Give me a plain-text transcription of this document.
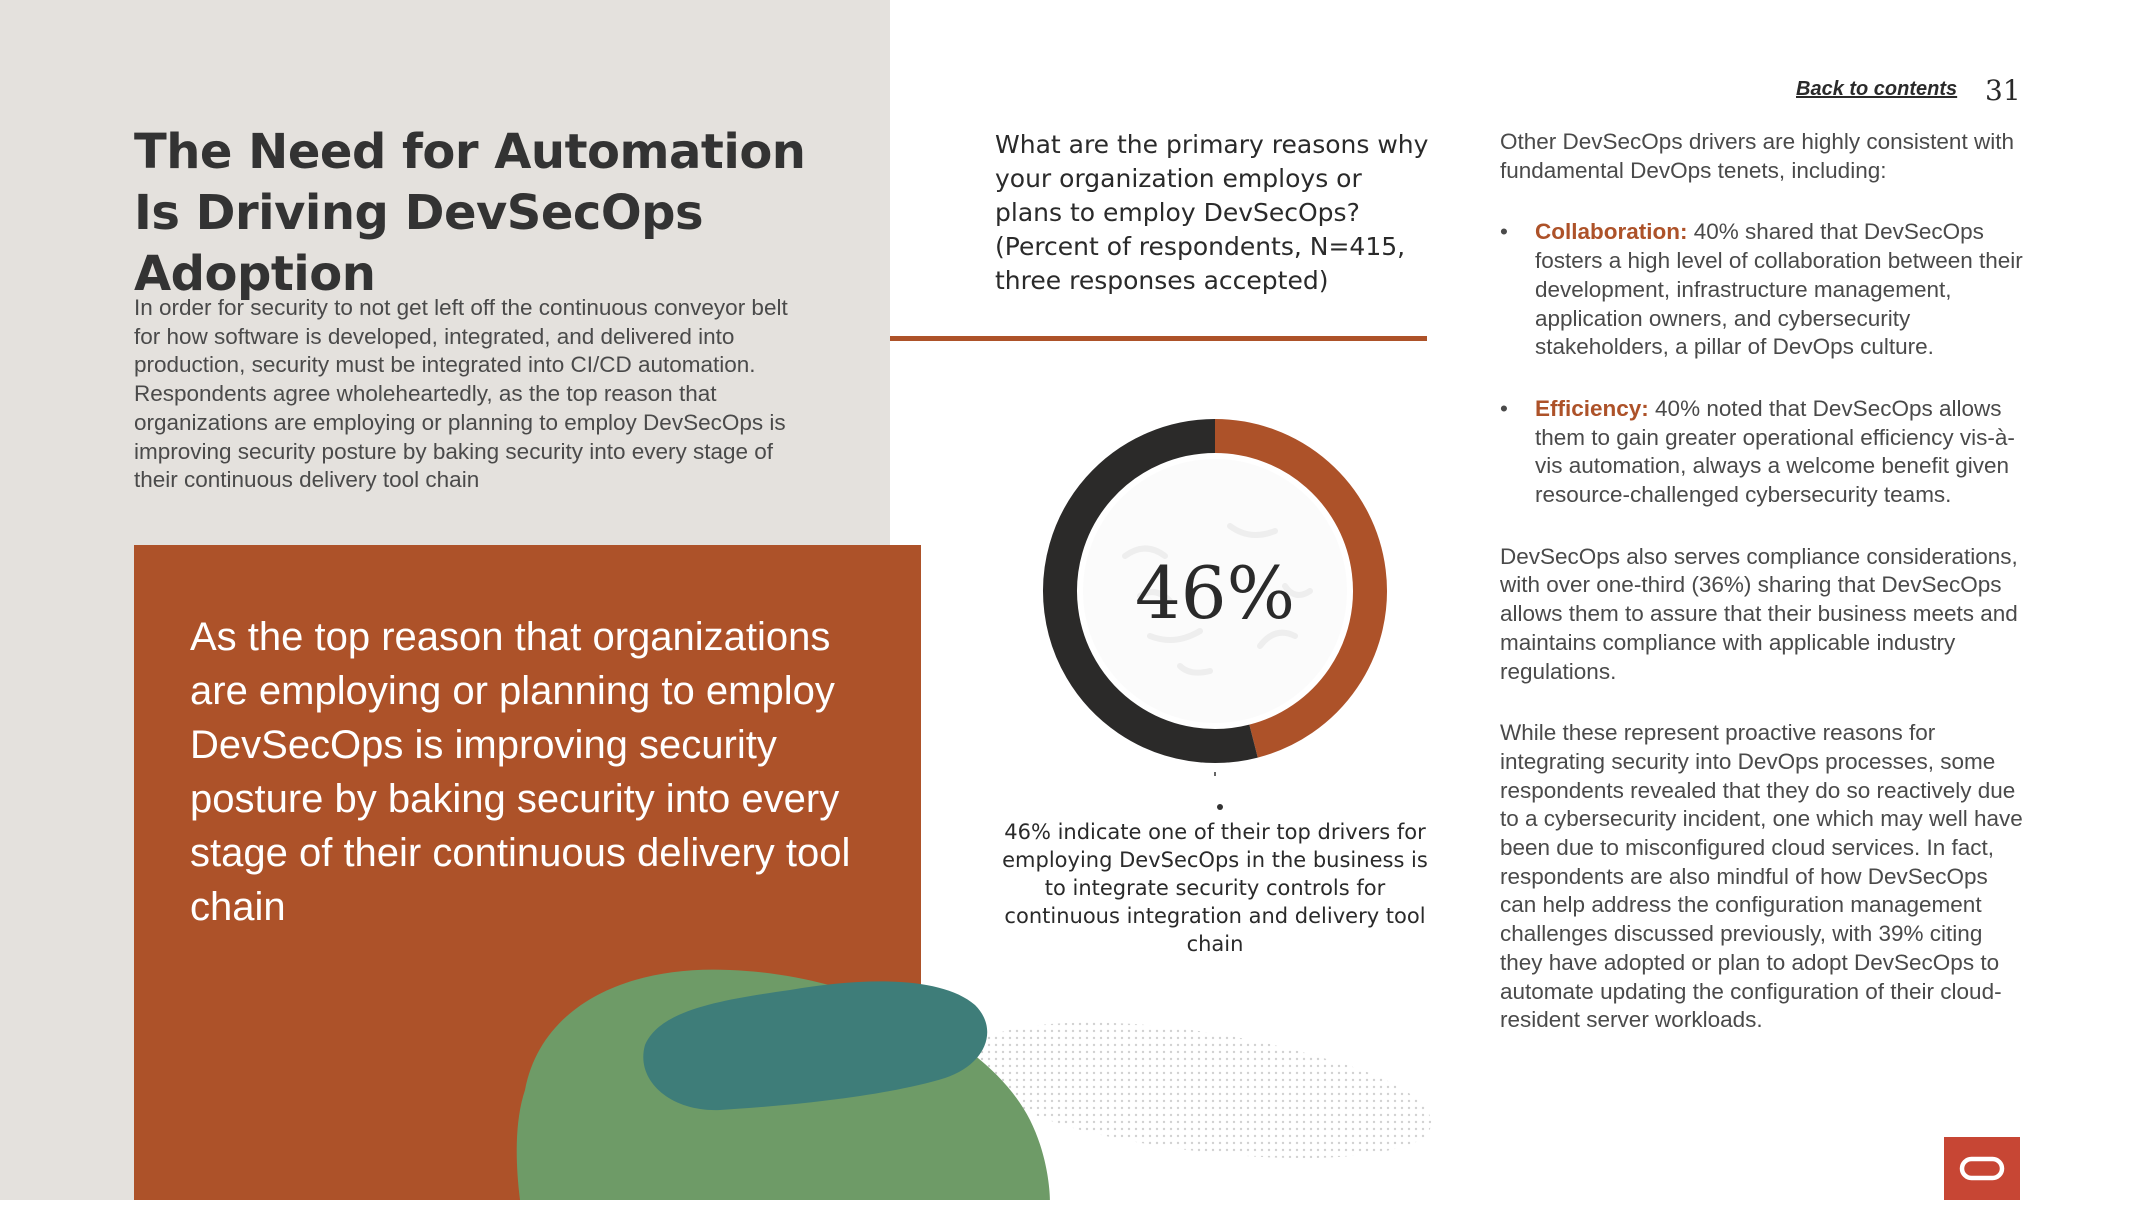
The Need for Automation Is Driving DevSecOps Adoption

In order for security to not get left off the continuous conveyor belt for how software is developed, integrated, and delivered into production, security must be integrated into CI/CD automation. Respondents agree wholeheartedly, as the top reason that organizations are employing or planning to employ DevSecOps is improving security posture by baking security into every stage of their continuous delivery tool chain

As the top reason that organizations are employing or planning to employ DevSecOps is improving security posture by baking security into every stage of their continuous delivery tool chain

Back to contents 31

What are the primary reasons why your organization employs or plans to employ DevSecOps? (Percent of respondents, N=415, three responses accepted)

46%

46% indicate one of their top drivers for employing DevSecOps in the business is to integrate security controls for continuous integration and delivery tool chain

Other DevSecOps drivers are highly consistent with fundamental DevOps tenets, including:

• Collaboration: 40% shared that DevSecOps fosters a high level of collaboration between their development, infrastructure management, application owners, and cybersecurity stakeholders, a pillar of DevOps culture.
• Efficiency: 40% noted that DevSecOps allows them to gain greater operational efficiency vis-à-vis automation, always a welcome benefit given resource-challenged cybersecurity teams.

DevSecOps also serves compliance considerations, with over one-third (36%) sharing that DevSecOps allows them to assure that their business meets and maintains compliance with applicable industry regulations.

While these represent proactive reasons for integrating security into DevOps processes, some respondents revealed that they do so reactively due to a cybersecurity incident, one which may well have been due to misconfigured cloud services. In fact, respondents are also mindful of how DevSecOps can help address the configuration management challenges discussed previously, with 39% citing they have adopted or plan to adopt DevSecOps to automate updating the configuration of their cloud-resident server workloads.
